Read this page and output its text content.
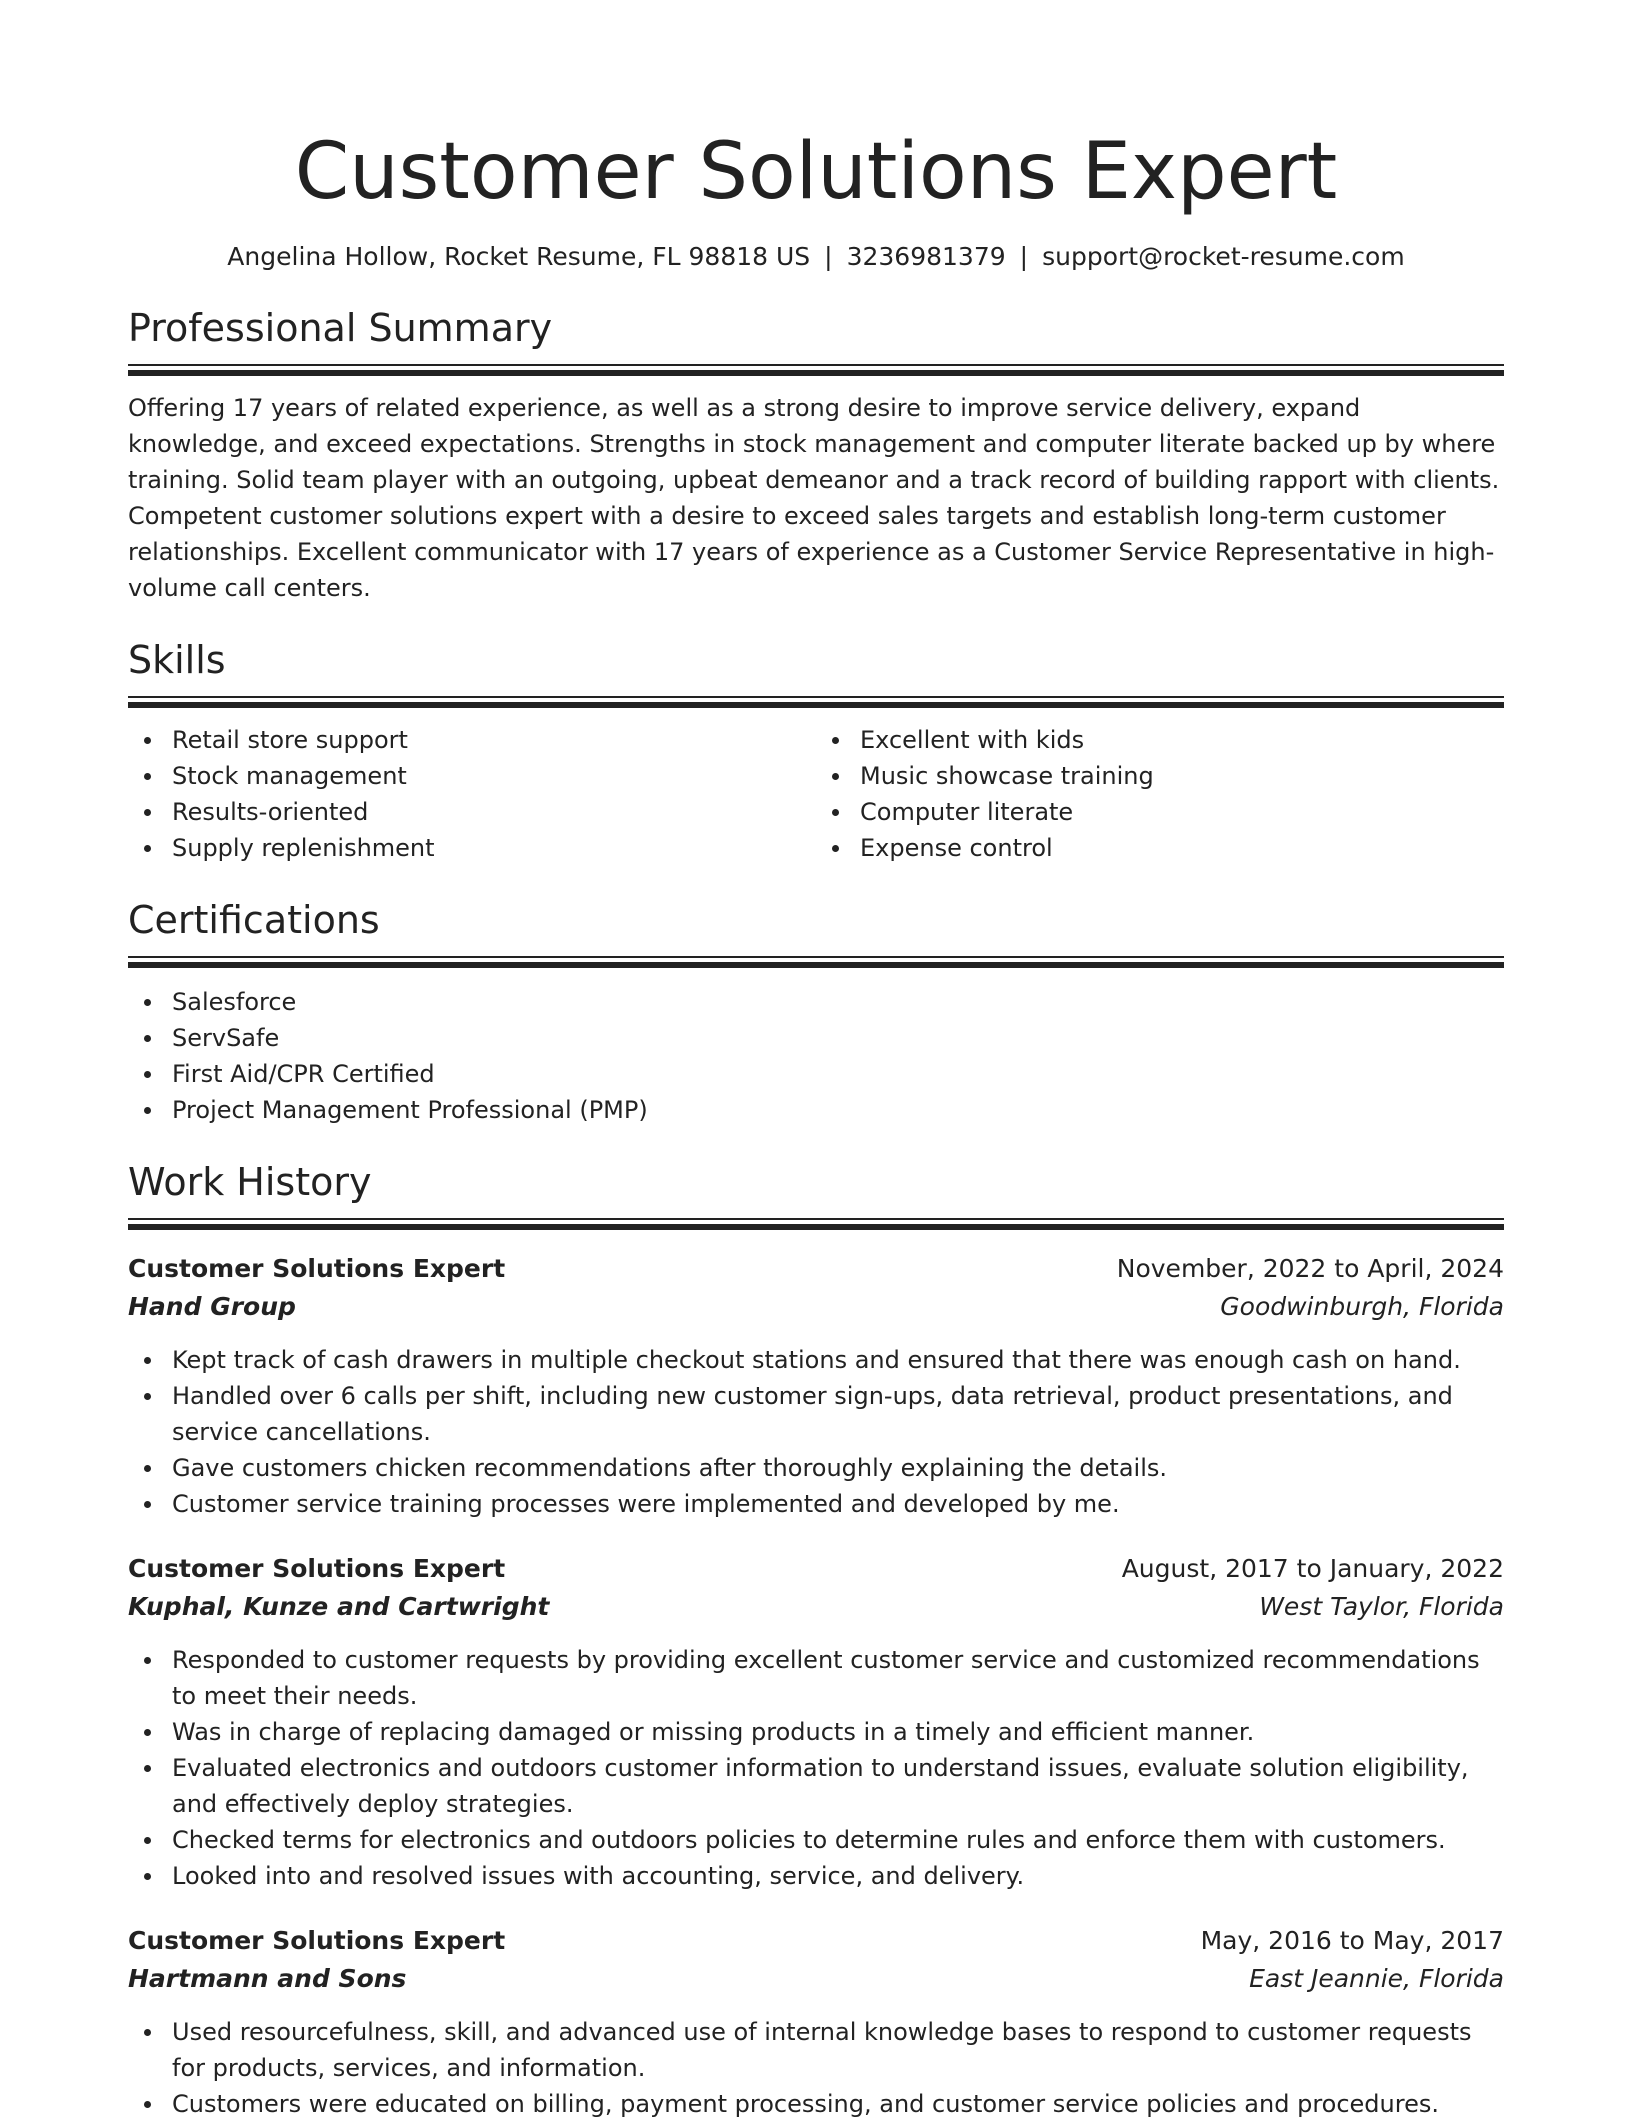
Customer Solutions Expert
Angelina Hollow, Rocket Resume, FL 98818 US | 3236981379 | support@rocket-resume.com
Professional Summary
Offering 17 years of related experience, as well as a strong desire to improve service delivery, expand knowledge, and exceed expectations. Strengths in stock management and computer literate backed up by where training. Solid team player with an outgoing, upbeat demeanor and a track record of building rapport with clients. Competent customer solutions expert with a desire to exceed sales targets and establish long-term customer relationships. Excellent communicator with 17 years of experience as a Customer Service Representative in high-volume call centers.
Skills
Retail store support
Stock management
Results-oriented
Supply replenishment
Excellent with kids
Music showcase training
Computer literate
Expense control
Certifications
Salesforce
ServSafe
First Aid/CPR Certified
Project Management Professional (PMP)
Work History
Customer Solutions Expert	November, 2022 to April, 2024
Hand Group	Goodwinburgh, Florida
Kept track of cash drawers in multiple checkout stations and ensured that there was enough cash on hand.
Handled over 6 calls per shift, including new customer sign-ups, data retrieval, product presentations, and service cancellations.
Gave customers chicken recommendations after thoroughly explaining the details.
Customer service training processes were implemented and developed by me.
Customer Solutions Expert	August, 2017 to January, 2022
Kuphal, Kunze and Cartwright	West Taylor, Florida
Responded to customer requests by providing excellent customer service and customized recommendations to meet their needs.
Was in charge of replacing damaged or missing products in a timely and efficient manner.
Evaluated electronics and outdoors customer information to understand issues, evaluate solution eligibility, and effectively deploy strategies.
Checked terms for electronics and outdoors policies to determine rules and enforce them with customers.
Looked into and resolved issues with accounting, service, and delivery.
Customer Solutions Expert	May, 2016 to May, 2017
Hartmann and Sons	East Jeannie, Florida
Used resourcefulness, skill, and advanced use of internal knowledge bases to respond to customer requests for products, services, and information.
Customers were educated on billing, payment processing, and customer service policies and procedures.
